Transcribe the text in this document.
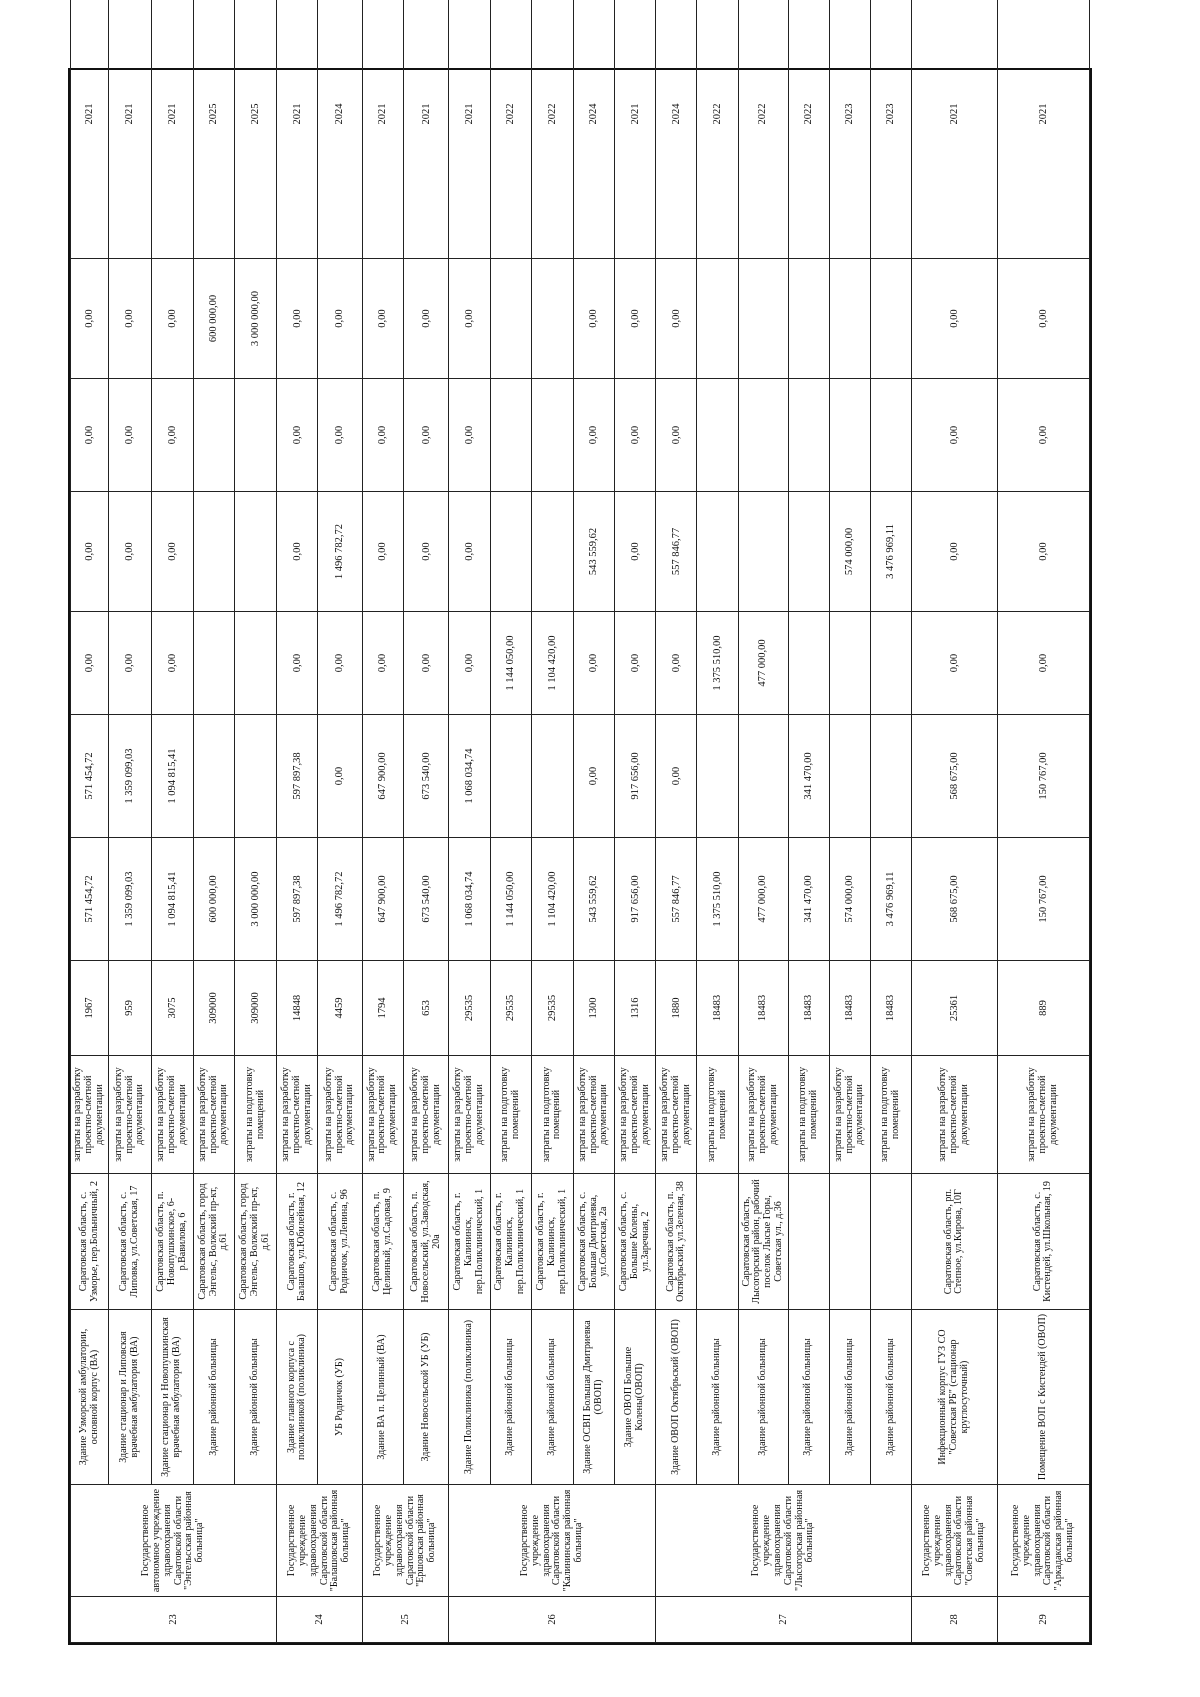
23	Государственное автономное учреждение здравоохранения Саратовской области "Энгельсская районная больница"	Здание Узморской амбулатории, основной корпус (ВА)	Саратовская область, с. Узморье, пер.Больничный, 2	затраты на разработку проектно-сметной документации	1967	571 454,72	571 454,72	0,00	0,00	0,00	0,00	2021
		Здание стационар и Липовская врачебная амбулатория (ВА)	Саратовская область, с. Липовка, ул.Советская, 17	затраты на разработку проектно-сметной документации	959	1 359 099,03	1 359 099,03	0,00	0,00	0,00	0,00	2021
		Здание стационар и Новопушкинская врачебная амбулатория (ВА)	Саратовская область, п. Новопушкинское, 6-р.Вавилова, 6	затраты на разработку проектно-сметной документации	3075	1 094 815,41	1 094 815,41	0,00	0,00	0,00	0,00	2021
		Здание районной больницы	Саратовская область, город Энгельс, Волжский пр-кт, д.61	затраты на разработку проектно-сметной документации	309000	600 000,00					600 000,00	2025
		Здание районной больницы	Саратовская область, город Энгельс, Волжский пр-кт, д.61	затраты на подготовку помещений	309000	3 000 000,00					3 000 000,00	2025
24	Государственное учреждение здравоохранения Саратовской области "Балашовская районная больница"	Здание главного корпуса с поликлиникой (поликлиника)	Саратовская область, г. Балашов, ул.Юбилейная, 12	затраты на разработку проектно-сметной документации	14848	597 897,38	597 897,38	0,00	0,00	0,00	0,00	2021
		УБ Родничок (УБ)	Саратовская область, с. Родничок, ул.Ленина, 96	затраты на разработку проектно-сметной документации	4459	1 496 782,72	0,00	0,00	1 496 782,72	0,00	0,00	2024
25	Государственное учреждение здравоохранения Саратовской области "Ершовская районная больница"	Здание ВА п. Целинный (ВА)	Саратовская область, п. Целинный, ул.Садовая, 9	затраты на разработку проектно-сметной документации	1794	647 900,00	647 900,00	0,00	0,00	0,00	0,00	2021
		Здание Новосельской УБ (УБ)	Саратовская область, п. Новосельский, ул.Заводская, 20а	затраты на разработку проектно-сметной документации	653	673 540,00	673 540,00	0,00	0,00	0,00	0,00	2021
26	Государственное учреждение здравоохранения Саратовской области "Калининская районная больница"	Здание Поликлиника (поликлиника)	Саратовская область, г. Калининск, пер.Поликлинический, 1	затраты на разработку проектно-сметной документации	29535	1 068 034,74	1 068 034,74	0,00	0,00	0,00	0,00	2021
		Здание районной больницы	Саратовская область, г. Калининск, пер.Поликлинический, 1	затраты на подготовку помещений	29535	1 144 050,00		1 144 050,00				2022
		Здание районной больницы	Саратовская область, г. Калининск, пер.Поликлинический, 1	затраты на подготовку помещений	29535	1 104 420,00		1 104 420,00				2022
		Здание ОСВП Большая Дмитриевка (ОВОП)	Саратовская область, с. Большая Дмитриевка, ул.Советская, 2а	затраты на разработку проектно-сметной документации	1300	543 559,62	0,00	0,00	543 559,62	0,00	0,00	2024
		Здание ОВОП Большие Колены(ОВОП)	Саратовская область, с. Большие Колены, ул.Заречная, 2	затраты на разработку проектно-сметной документации	1316	917 656,00	917 656,00	0,00	0,00	0,00	0,00	2021
27	Государственное учреждение здравоохранения Саратовской области "Лысогорская районная больница"	Здание ОВОП Октябрьский (ОВОП)	Саратовская область, п. Октябрьский, ул.Зеленая, 38	затраты на разработку проектно-сметной документации	1880	557 846,77	0,00	0,00	557 846,77	0,00	0,00	2024
		Здание районной больницы		затраты на подготовку помещений	18483	1 375 510,00		1 375 510,00				2022
		Здание районной больницы	Саратовская область, Лысогорский район, рабочий поселок Лысые Горы, Советская ул., д.36	затраты на разработку проектно-сметной документации	18483	477 000,00		477 000,00				2022
		Здание районной больницы		затраты на подготовку помещений	18483	341 470,00	341 470,00					2022
		Здание районной больницы		затраты на разработку проектно-сметной документации	18483	574 000,00			574 000,00			2023
		Здание районной больницы		затраты на подготовку помещений	18483	3 476 969,11			3 476 969,11			2023
28	Государственное учреждение здравоохранения Саратовской области "Советская районная больница"	Инфекционный корпус ГУЗ СО "Советская РБ" (стационар круглосуточный)	Саратовская область, рп. Степное, ул.Кирова, 10Г	затраты на разработку проектно-сметной документации	25361	568 675,00	568 675,00	0,00	0,00	0,00	0,00	2021
29	Государственное учреждение здравоохранения Саратовской области "Аркадакская районная больница"	Помещение ВОП с Кистендей (ОВОП)	Саратовская область, с. Кистендей, ул.Школьная, 19	затраты на разработку проектно-сметной документации	889	150 767,00	150 767,00	0,00	0,00	0,00	0,00	2021
